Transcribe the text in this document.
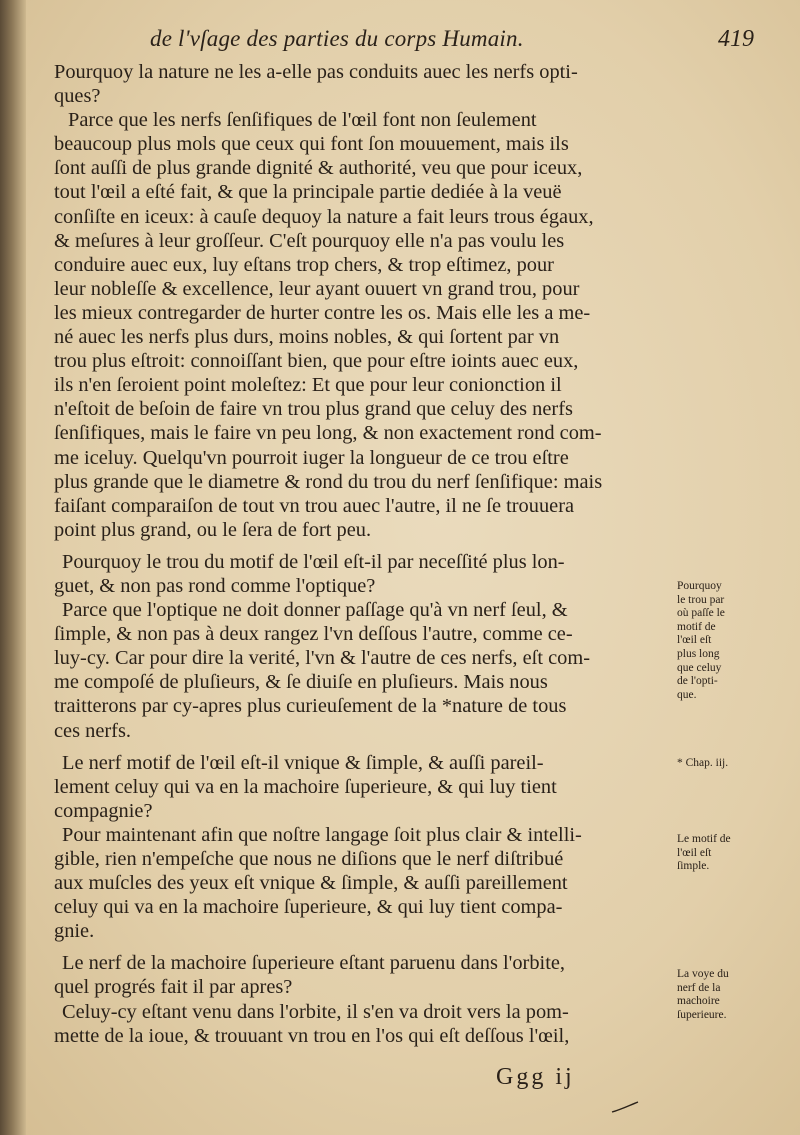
de l'vſage des parties du corps Humain.	419
Pourquoy la nature ne les a-elle pas conduits auec les nerfs opti-
ques?
Parce que les nerfs ſenſifiques de l'œil font non ſeulement
beaucoup plus mols que ceux qui font ſon mouuement, mais ils
ſont auſſi de plus grande dignité & authorité, veu que pour iceux,
tout l'œil a eſté fait, & que la principale partie dediée à la veuë
conſiſte en iceux: à cauſe dequoy la nature a fait leurs trous égaux,
& meſures à leur groſſeur. C'eſt pourquoy elle n'a pas voulu les
conduire auec eux, luy eſtans trop chers, & trop eſtimez, pour
leur nobleſſe & excellence, leur ayant ouuert vn grand trou, pour
les mieux contregarder de hurter contre les os. Mais elle les a me-
né auec les nerfs plus durs, moins nobles, & qui ſortent par vn
trou plus eſtroit: connoiſſant bien, que pour eſtre ioints auec eux,
ils n'en ſeroient point moleſtez: Et que pour leur conionction il
n'eſtoit de beſoin de faire vn trou plus grand que celuy des nerfs
ſenſifiques, mais le faire vn peu long, & non exactement rond com-
me iceluy. Quelqu'vn pourroit iuger la longueur de ce trou eſtre
plus grande que le diametre & rond du trou du nerf ſenſifique: mais
faiſant comparaiſon de tout vn trou auec l'autre, il ne ſe trouuera
point plus grand, ou le ſera de fort peu.
Pourquoy le trou du motif de l'œil eſt-il par neceſſité plus lon-
guet, & non pas rond comme l'optique?
Parce que l'optique ne doit donner paſſage qu'à vn nerf ſeul, &
ſimple, & non pas à deux rangez l'vn deſſous l'autre, comme ce-
luy-cy. Car pour dire la verité, l'vn & l'autre de ces nerfs, eſt com-
me compoſé de pluſieurs, & ſe diuiſe en pluſieurs. Mais nous
traitterons par cy-apres plus curieuſement de la *nature de tous
ces nerfs.
Le nerf motif de l'œil eſt-il vnique & ſimple, & auſſi pareil-
lement celuy qui va en la machoire ſuperieure, & qui luy tient
compagnie?
Pour maintenant afin que noſtre langage ſoit plus clair & intelli-
gible, rien n'empeſche que nous ne diſions que le nerf diſtribué
aux muſcles des yeux eſt vnique & ſimple, & auſſi pareillement
celuy qui va en la machoire ſuperieure, & qui luy tient compa-
gnie.
Le nerf de la machoire ſuperieure eſtant paruenu dans l'orbite,
quel progrés fait il par apres?
Celuy-cy eſtant venu dans l'orbite, il s'en va droit vers la pom-
mette de la ioue, & trouuant vn trou en l'os qui eſt deſſous l'œil,
Pourquoy
le trou par
où paſſe le
motif de
l'œil eſt
plus long
que celuy
de l'opti-
que.
* Chap. iij.
Le motif de
l'œil eſt
ſimple.
La voye du
nerf de la
machoire
ſuperieure.
Ggg ij
